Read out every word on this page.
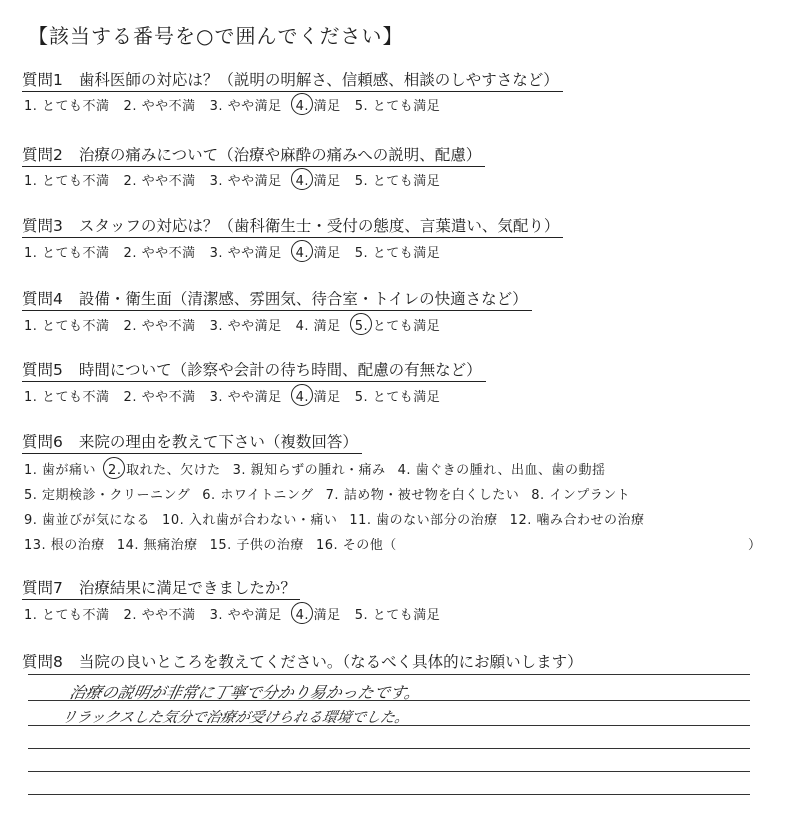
【該当する番号を○で囲んでください】
質問1 歯科医師の対応は？（説明の明解さ、信頼感、相談のしやすさなど）
1. とても不満 2. やや不満 3. やや満足 4. 満足 5. とても満足
質問2 治療の痛みについて（治療や麻酔の痛みへの説明、配慮）
1. とても不満 2. やや不満 3. やや満足 4. 満足 5. とても満足
質問3 スタッフの対応は？（歯科衛生士・受付の態度、言葉遣い、気配り）
1. とても不満 2. やや不満 3. やや満足 4. 満足 5. とても満足
質問4 設備・衛生面（清潔感、雰囲気、待合室・トイレの快適さなど）
1. とても不満 2. やや不満 3. やや満足 4. 満足 5. とても満足
質問5 時間について（診察や会計の待ち時間、配慮の有無など）
1. とても不満 2. やや不満 3. やや満足 4. 満足 5. とても満足
質問6 来院の理由を教えて下さい（複数回答）
1. 歯が痛い 2. 取れた、欠けた 3. 親知らずの腫れ・痛み 4. 歯ぐきの腫れ、出血、歯の動揺
5. 定期検診・クリーニング 6. ホワイトニング 7. 詰め物・被せ物を白くしたい 8. インプラント
9. 歯並びが気になる 10. 入れ歯が合わない・痛い 11. 歯のない部分の治療 12. 噛み合わせの治療
13. 根の治療 14. 無痛治療 15. 子供の治療 16. その他（	）
質問7 治療結果に満足できましたか？
1. とても不満 2. やや不満 3. やや満足 4. 満足 5. とても満足
質問8 当院の良いところを教えてください。（なるべく具体的にお願いします）
治療の説明が非常に丁寧で分かり易かったです。
リラックスした気分で治療が受けられる環境でした。
